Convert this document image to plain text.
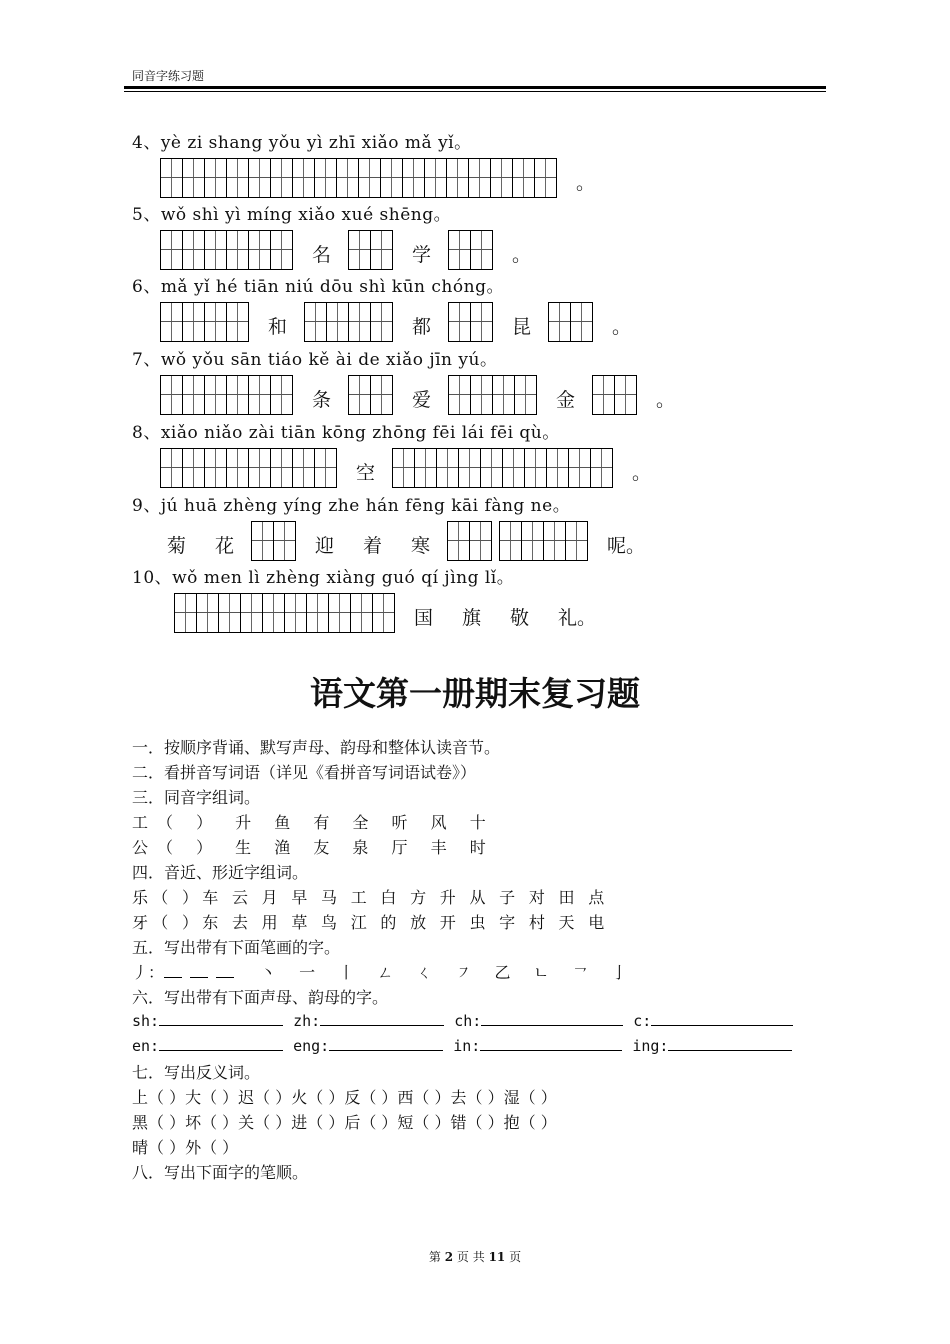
同音字练习题
4、yè zi shang yǒu yì zhī xiǎo mǎ yǐ。
5、wǒ shì yì míng xiǎo xué shēng。
6、mǎ yǐ hé tiān niú dōu shì kūn chóng。
7、wǒ yǒu sān tiáo kě ài de xiǎo jīn yú。
8、xiǎo niǎo zài tiān kōng zhōng fēi lái fēi qù。
9、jú huā zhèng yíng zhe hán fēng kāi fàng ne。
10、wǒ men lì zhèng xiàng guó qí jìng lǐ。
。
名	学	。
和	都	昆	。
条	爱	金	。
空	。
菊 花	迎 着 寒	呢。
国 旗 敬 礼。
语文第一册期末复习题
一．按顺序背诵、默写声母、韵母和整体认读音节。
二．看拼音写词语（详见《看拼音写词语试卷》）
三．同音字组词。
工（ ） 升 鱼 有 全 听 风 十
公（ ） 生 渔 友 泉 厅 丰 时
四．音近、形近字组词。
乐（ ）车 云 月 早 马 工 白 方 升 从 子 对 田 点
牙（ ）东 去 用 草 鸟 江 的 放 开 虫 字 村 天 电
五．写出带有下面笔画的字。
丿：	丶 一 丨 ㄥ ㄑ ㇇ 乙 ㄴ ㇖ 亅
六．写出带有下面声母、韵母的字。
sh:	zh:	ch:	c:
en:	eng:	in:	ing:
七．写出反义词。
上（ ）大（ ）迟（ ）火（ ）反（ ）西（ ）去（ ）湿（ ）
黑（ ）坏（ ）关（ ）进（ ）后（ ）短（ ）错（ ）抱（ ）
晴（ ）外（ ）
八．写出下面字的笔顺。
第 2 页 共 11 页
